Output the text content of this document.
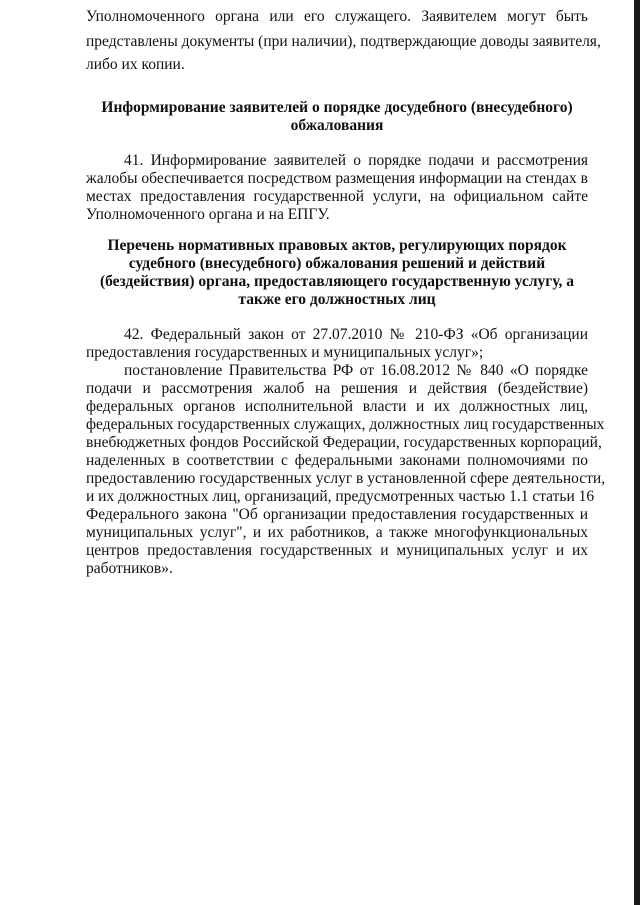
Уполномоченного органа или его служащего. Заявителем могут быть
представлены документы (при наличии), подтверждающие доводы заявителя,
либо их копии.
Информирование заявителей о порядке досудебного (внесудебного)
обжалования
41. Информирование заявителей о порядке подачи и рассмотрения
жалобы обеспечивается посредством размещения информации на стендах в
местах предоставления государственной услуги, на официальном сайте
Уполномоченного органа и на ЕПГУ.
Перечень нормативных правовых актов, регулирующих порядок
судебного (внесудебного) обжалования решений и действий
(бездействия) органа, предоставляющего государственную услугу, а
также его должностных лиц
42. Федеральный закон от 27.07.2010 № 210-ФЗ «Об организации
предоставления государственных и муниципальных услуг»;
постановление Правительства РФ от 16.08.2012 № 840 «О порядке
подачи и рассмотрения жалоб на решения и действия (бездействие)
федеральных органов исполнительной власти и их должностных лиц,
федеральных государственных служащих, должностных лиц государственных
внебюджетных фондов Российской Федерации, государственных корпораций,
наделенных в соответствии с федеральными законами полномочиями по
предоставлению государственных услуг в установленной сфере деятельности,
и их должностных лиц, организаций, предусмотренных частью 1.1 статьи 16
Федерального закона "Об организации предоставления государственных и
муниципальных услуг", и их работников, а также многофункциональных
центров предоставления государственных и муниципальных услуг и их
работников».
